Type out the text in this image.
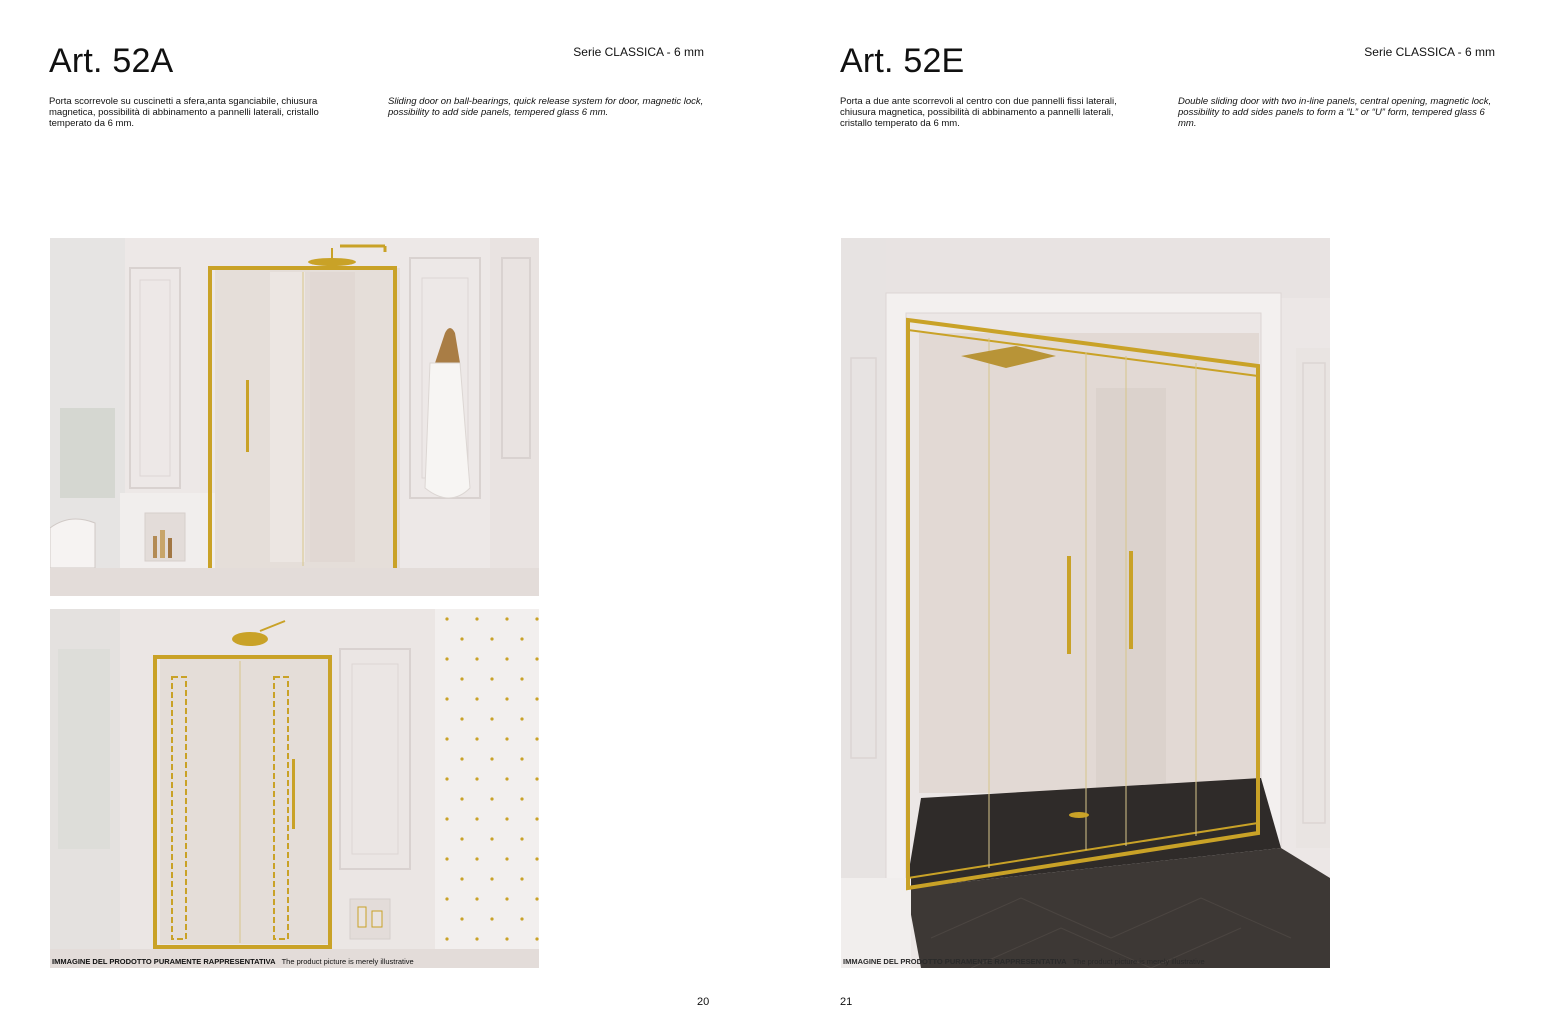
Art. 52A	Serie CLASSICA - 6 mm

Porta scorrevole su cuscinetti a sfera,anta sganciabile, chiusura magnetica, possibilità di abbinamento a pannelli laterali, cristallo temperato da 6 mm.

Sliding door on ball-bearings, quick release system for door, magnetic lock, possibility to add side panels, tempered glass 6 mm.

IMMAGINE DEL PRODOTTO PURAMENTE RAPPRESENTATIVA The product picture is merely illustrative
20
Art. 52E	Serie CLASSICA - 6 mm

Porta a due ante scorrevoli al centro con due pannelli fissi laterali, chiusura magnetica, possibilità di abbinamento a pannelli laterali, cristallo temperato da 6 mm.

Double sliding door with two in-line panels, central opening, magnetic lock, possibility to add sides panels to form a “L” or “U” form, tempered glass 6 mm.

IMMAGINE DEL PRODOTTO PURAMENTE RAPPRESENTATIVA The product picture is merely illustrative
21
